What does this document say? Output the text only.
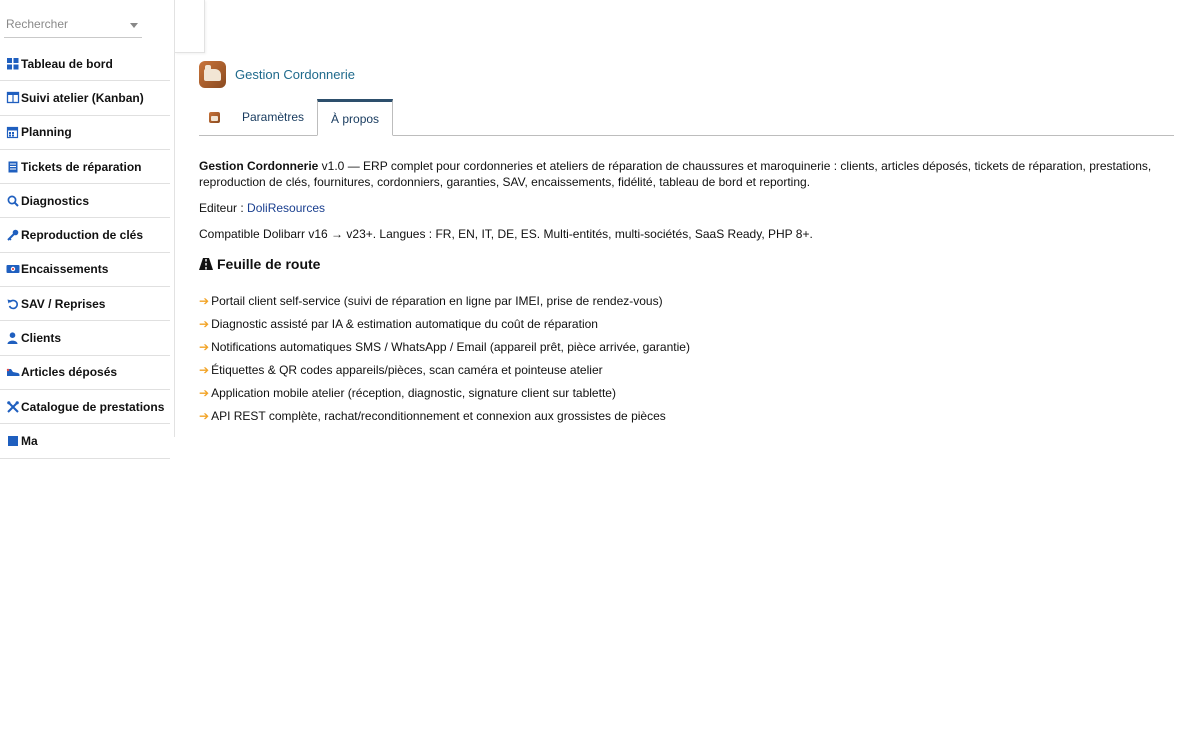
Rechercher
Tableau de bord
Suivi atelier (Kanban)
Planning
Tickets de réparation
Diagnostics
Reproduction de clés
Encaissements
SAV / Reprises
Clients
Articles déposés
Catalogue de prestations
Ma
Gestion Cordonnerie
Paramètres	À propos

Gestion Cordonnerie v1.0 — ERP complet pour cordonneries et ateliers de réparation de chaussures et maroquinerie : clients, articles déposés, tickets de réparation, prestations, reproduction de clés, fournitures, cordonniers, garanties, SAV, encaissements, fidélité, tableau de bord et reporting.

Editeur : DoliResources

Compatible Dolibarr v16 → v23+. Langues : FR, EN, IT, DE, ES. Multi-entités, multi-sociétés, SaaS Ready, PHP 8+.

Feuille de route
➔ Portail client self-service (suivi de réparation en ligne par IMEI, prise de rendez-vous)
➔ Diagnostic assisté par IA & estimation automatique du coût de réparation
➔ Notifications automatiques SMS / WhatsApp / Email (appareil prêt, pièce arrivée, garantie)
➔ Étiquettes & QR codes appareils/pièces, scan caméra et pointeuse atelier
➔ Application mobile atelier (réception, diagnostic, signature client sur tablette)
➔ API REST complète, rachat/reconditionnement et connexion aux grossistes de pièces
